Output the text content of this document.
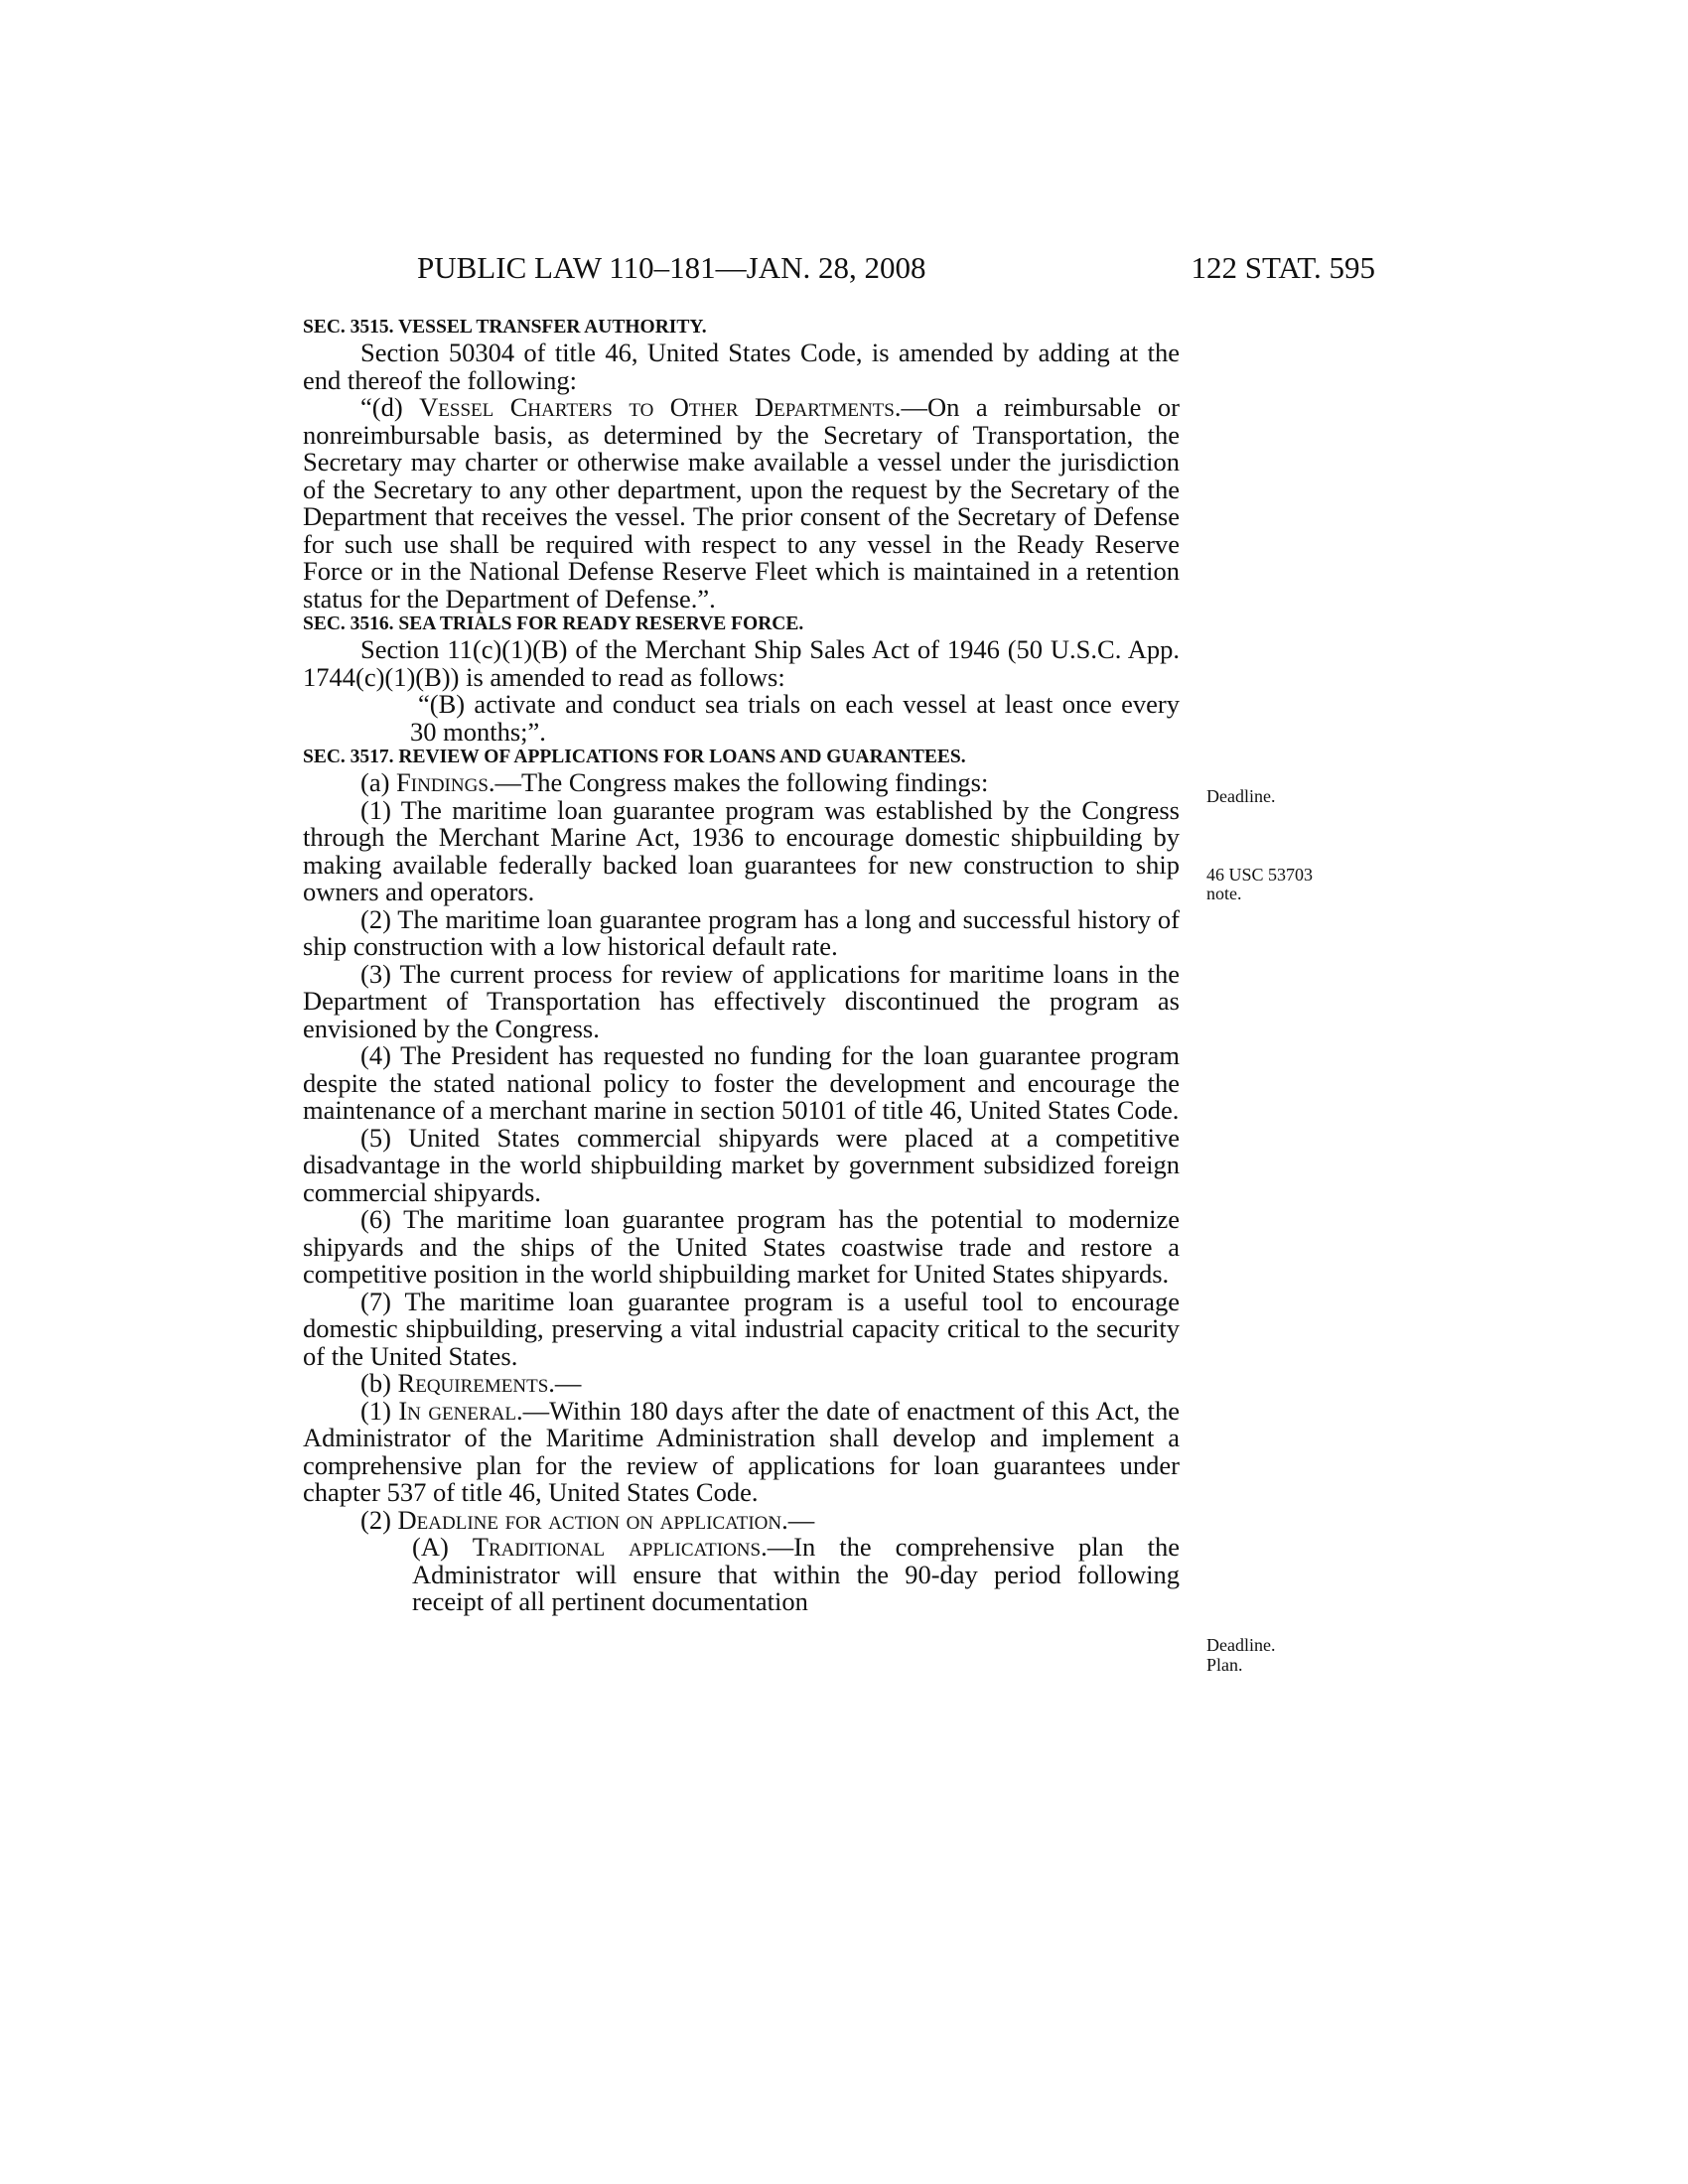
PUBLIC LAW 110–181—JAN. 28, 2008	122 STAT. 595

SEC. 3515. VESSEL TRANSFER AUTHORITY.

Section 50304 of title 46, United States Code, is amended by adding at the end thereof the following:

“(d) Vessel Charters to Other Departments.—On a reimbursable or nonreimbursable basis, as determined by the Secretary of Transportation, the Secretary may charter or otherwise make available a vessel under the jurisdiction of the Secretary to any other department, upon the request by the Secretary of the Department that receives the vessel. The prior consent of the Secretary of Defense for such use shall be required with respect to any vessel in the Ready Reserve Force or in the National Defense Reserve Fleet which is maintained in a retention status for the Department of Defense.”.

SEC. 3516. SEA TRIALS FOR READY RESERVE FORCE.

Section 11(c)(1)(B) of the Merchant Ship Sales Act of 1946 (50 U.S.C. App. 1744(c)(1)(B)) is amended to read as follows:

“(B) activate and conduct sea trials on each vessel at least once every 30 months;”.

SEC. 3517. REVIEW OF APPLICATIONS FOR LOANS AND GUARANTEES.

(a) Findings.—The Congress makes the following findings:

(1) The maritime loan guarantee program was established by the Congress through the Merchant Marine Act, 1936 to encourage domestic shipbuilding by making available federally backed loan guarantees for new construction to ship owners and operators.

(2) The maritime loan guarantee program has a long and successful history of ship construction with a low historical default rate.

(3) The current process for review of applications for maritime loans in the Department of Transportation has effectively discontinued the program as envisioned by the Congress.

(4) The President has requested no funding for the loan guarantee program despite the stated national policy to foster the development and encourage the maintenance of a merchant marine in section 50101 of title 46, United States Code.

(5) United States commercial shipyards were placed at a competitive disadvantage in the world shipbuilding market by government subsidized foreign commercial shipyards.

(6) The maritime loan guarantee program has the potential to modernize shipyards and the ships of the United States coastwise trade and restore a competitive position in the world shipbuilding market for United States shipyards.

(7) The maritime loan guarantee program is a useful tool to encourage domestic shipbuilding, preserving a vital industrial capacity critical to the security of the United States.

(b) Requirements.—

(1) In general.—Within 180 days after the date of enactment of this Act, the Administrator of the Maritime Administration shall develop and implement a comprehensive plan for the review of applications for loan guarantees under chapter 537 of title 46, United States Code.

(2) Deadline for action on application.—

(A) Traditional applications.—In the comprehensive plan the Administrator will ensure that within the 90-day period following receipt of all pertinent documentation

Deadline.
46 USC 53703
note.
Deadline.
Plan.
